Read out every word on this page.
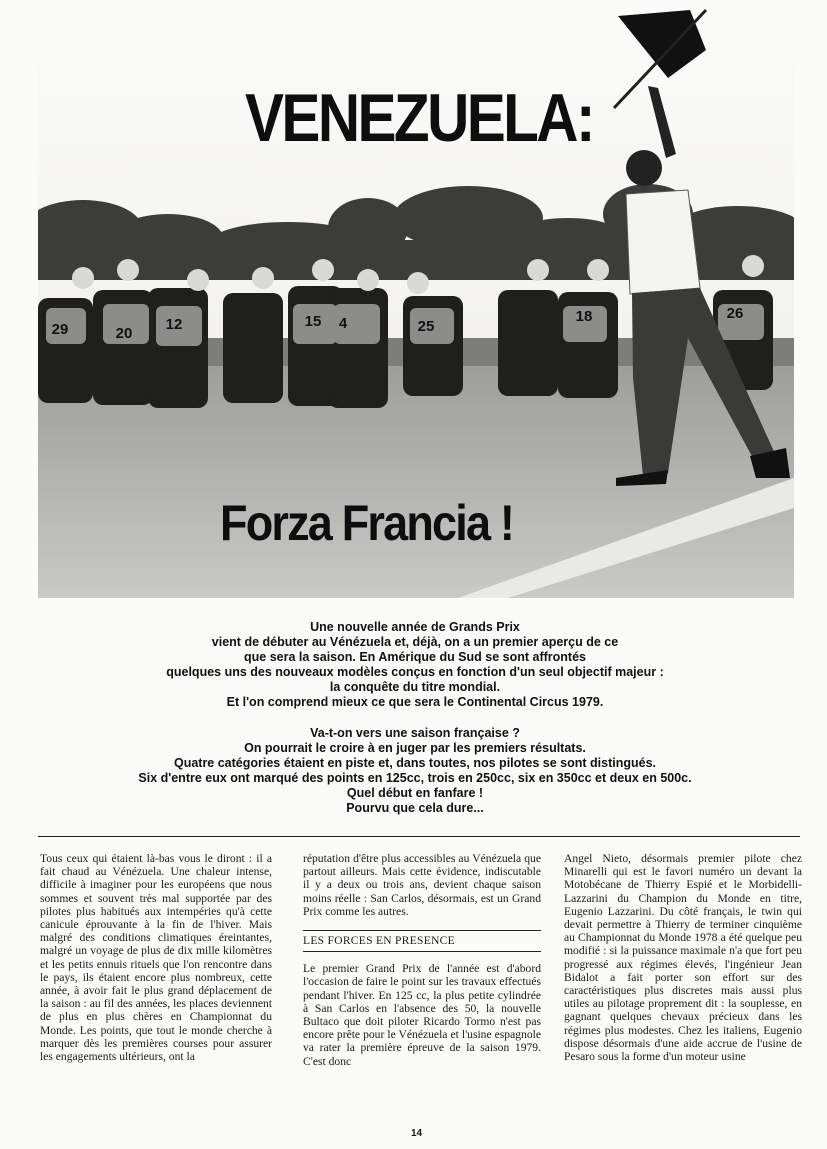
29	20
12	15 4	25
18	26
VENEZUELA:
Forza Francia !

Une nouvelle année de Grands Prix

vient de débuter au Vénézuela et, déjà, on a un premier aperçu de ce

que sera la saison. En Amérique du Sud se sont affrontés

quelques uns des nouveaux modèles conçus en fonction d'un seul objectif majeur :

la conquête du titre mondial.

Et l'on comprend mieux ce que sera le Continental Circus 1979.

Va-t-on vers une saison française ?

On pourrait le croire à en juger par les premiers résultats.

Quatre catégories étaient en piste et, dans toutes, nos pilotes se sont distingués.

Six d'entre eux ont marqué des points en 125cc, trois en 250cc, six en 350cc et deux en 500c.

Quel début en fanfare !

Pourvu que cela dure...

Tous ceux qui étaient là-bas vous le diront : il a fait chaud au Vénézuela. Une chaleur intense, difficile à imaginer pour les européens que nous sommes et souvent très mal supportée par des pilotes plus habitués aux intempéries qu'à cette canicule éprouvante à la fin de l'hiver. Mais malgré des conditions climatiques éreintantes, malgré un voyage de plus de dix mille kilomètres et les petits ennuis rituels que l'on rencontre dans le pays, ils étaient encore plus nombreux, cette année, à avoir fait le plus grand déplacement de la saison : au fil des années, les places deviennent de plus en plus chères en Championnat du Monde. Les points, que tout le monde cherche à marquer dès les premières courses pour assurer les engagements ultérieurs, ont la

réputation d'être plus accessibles au Vénézuela que partout ailleurs. Mais cette évidence, indiscutable il y a deux ou trois ans, devient chaque saison moins réelle : San Carlos, désormais, est un Grand Prix comme les autres.

LES FORCES EN PRESENCE

Le premier Grand Prix de l'année est d'abord l'occasion de faire le point sur les travaux effectués pendant l'hiver. En 125 cc, la plus petite cylindrée à San Carlos en l'absence des 50, la nouvelle Bultaco que doit piloter Ricardo Tormo n'est pas encore prête pour le Vénézuela et l'usine espagnole va rater la première épreuve de la saison 1979. C'est donc

Angel Nieto, désormais premier pilote chez Minarelli qui est le favori numéro un devant la Motobécane de Thierry Espié et le Morbidelli-Lazzarini du Champion du Monde en titre, Eugenio Lazzarini. Du côté français, le twin qui devait permettre à Thierry de terminer cinquième au Championnat du Monde 1978 a été quelque peu modifié : si la puissance maximale n'a que fort peu progressé aux régimes élevés, l'ingénieur Jean Bidalot a fait porter son effort sur des caractéristiques plus discretes mais aussi plus utiles au pilotage proprement dit : la souplesse, en gagnant quelques chevaux précieux dans les régimes plus modestes. Chez les italiens, Eugenio dispose désormais d'une aide accrue de l'usine de Pesaro sous la forme d'un moteur usine

14
